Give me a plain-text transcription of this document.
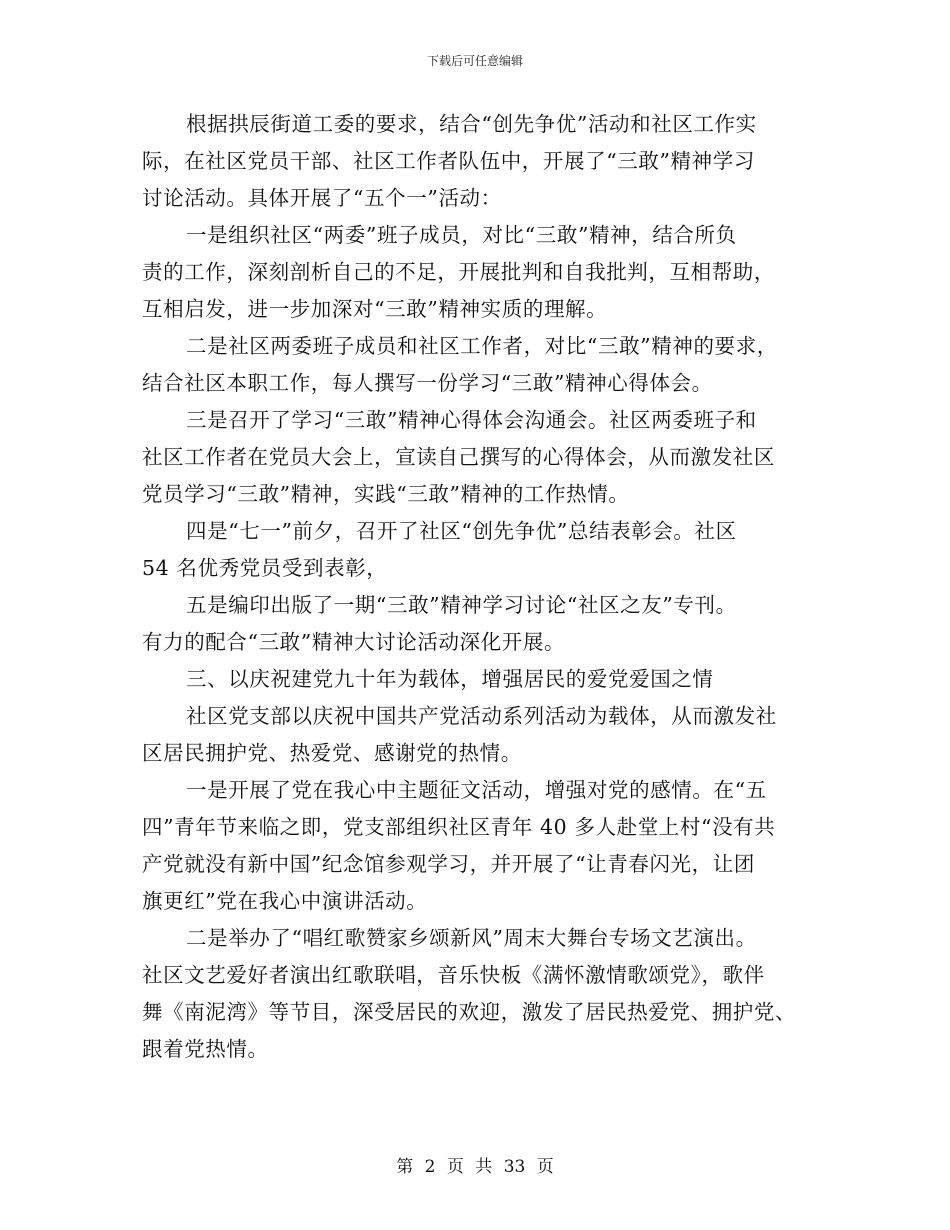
下载后可任意编辑
根据拱辰街道工委的要求，结合“创先争优”活动和社区工作实
际，在社区党员干部、社区工作者队伍中，开展了“三敢”精神学习
讨论活动。具体开展了“五个一”活动：
一是组织社区“两委”班子成员，对比“三敢”精神，结合所负
责的工作，深刻剖析自己的不足，开展批判和自我批判，互相帮助，
互相启发，进一步加深对“三敢”精神实质的理解。
二是社区两委班子成员和社区工作者，对比“三敢”精神的要求，
结合社区本职工作，每人撰写一份学习“三敢”精神心得体会。
三是召开了学习“三敢”精神心得体会沟通会。社区两委班子和
社区工作者在党员大会上，宣读自己撰写的心得体会，从而激发社区
党员学习“三敢”精神，实践“三敢”精神的工作热情。
四是“七一”前夕，召开了社区“创先争优”总结表彰会。社区
54 名优秀党员受到表彰，
五是编印出版了一期“三敢”精神学习讨论“社区之友”专刊。
有力的配合“三敢”精神大讨论活动深化开展。
三、以庆祝建党九十年为载体，增强居民的爱党爱国之情
社区党支部以庆祝中国共产党活动系列活动为载体，从而激发社
区居民拥护党、热爱党、感谢党的热情。
一是开展了党在我心中主题征文活动，增强对党的感情。在“五
四”青年节来临之即，党支部组织社区青年 40 多人赴堂上村“没有共
产党就没有新中国”纪念馆参观学习，并开展了“让青春闪光，让团
旗更红”党在我心中演讲活动。
二是举办了“唱红歌赞家乡颂新风”周末大舞台专场文艺演出。
社区文艺爱好者演出红歌联唱，音乐快板《满怀激情歌颂党》，歌伴
舞《南泥湾》等节目，深受居民的欢迎，激发了居民热爱党、拥护党、
跟着党热情。
第 2 页 共 33 页
